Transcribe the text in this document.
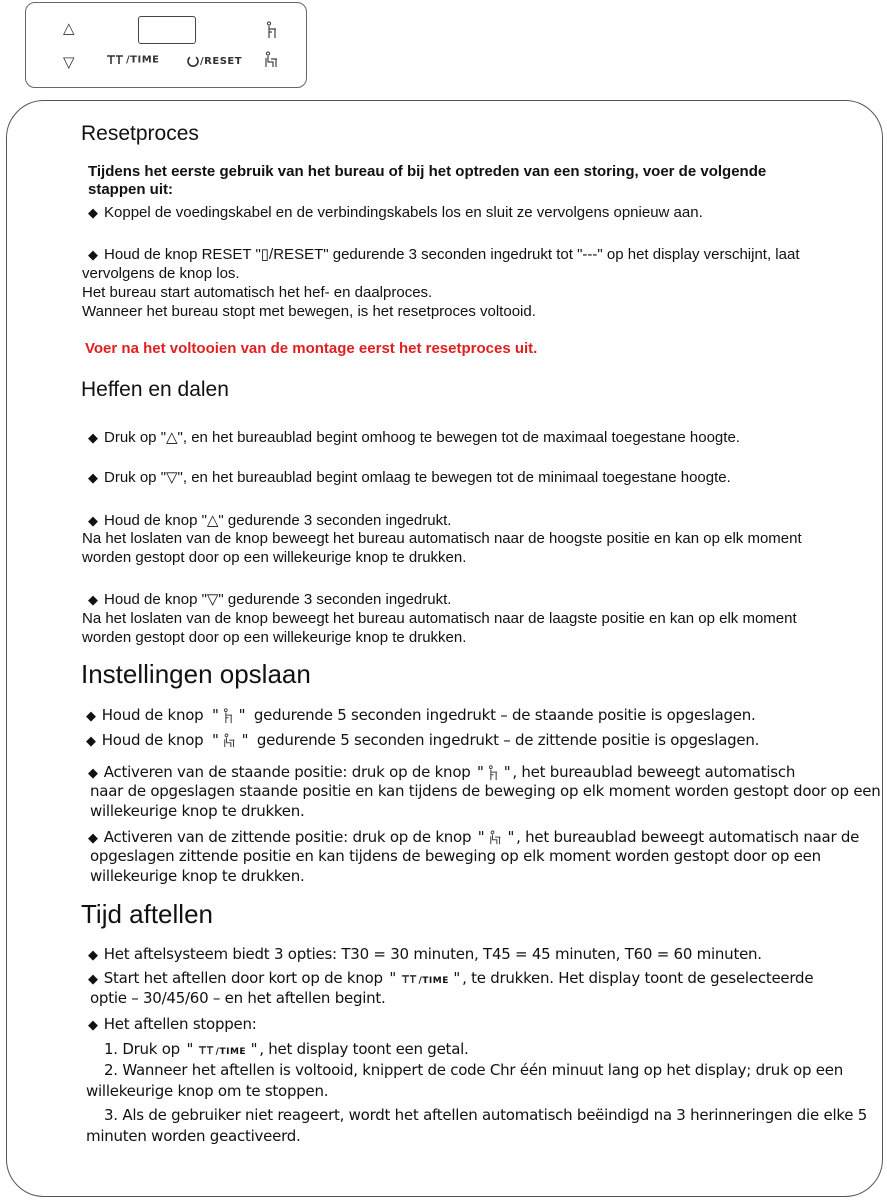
△
▽	/TIME	/RESET
Resetproces
Tijdens het eerste gebruik van het bureau of bij het optreden van een storing, voer de volgende
stappen uit:
◆ Koppel de voedingskabel en de verbindingskabels los en sluit ze vervolgens opnieuw aan.
◆ Houd de knop RESET "▯/RESET" gedurende 3 seconden ingedrukt tot "---" op het display verschijnt, laat
vervolgens de knop los.
Het bureau start automatisch het hef- en daalproces.
Wanneer het bureau stopt met bewegen, is het resetproces voltooid.
Voer na het voltooien van de montage eerst het resetproces uit.
Heffen en dalen
◆ Druk op "△", en het bureaublad begint omhoog te bewegen tot de maximaal toegestane hoogte.
◆ Druk op "▽", en het bureaublad begint omlaag te bewegen tot de minimaal toegestane hoogte.
◆ Houd de knop "△" gedurende 3 seconden ingedrukt.
Na het loslaten van de knop beweegt het bureau automatisch naar de hoogste positie en kan op elk moment
worden gestopt door op een willekeurige knop te drukken.
◆ Houd de knop "▽" gedurende 3 seconden ingedrukt.
Na het loslaten van de knop beweegt het bureau automatisch naar de laagste positie en kan op elk moment
worden gestopt door op een willekeurige knop te drukken.
Instellingen opslaan
◆ Houd de knop "  " gedurende 5 seconden ingedrukt – de staande positie is opgeslagen.
◆ Houd de knop "  " gedurende 5 seconden ingedrukt – de zittende positie is opgeslagen.
◆ Activeren van de staande positie: druk op de knop "  " , het bureaublad beweegt automatisch
naar de opgeslagen staande positie en kan tijdens de beweging op elk moment worden gestopt door op een
willekeurige knop te drukken.
◆ Activeren van de zittende positie: druk op de knop "  " , het bureaublad beweegt automatisch naar de
opgeslagen zittende positie en kan tijdens de beweging op elk moment worden gestopt door op een
willekeurige knop te drukken.
Tijd aftellen
◆ Het aftelsysteem biedt 3 opties: T30 = 30 minuten, T45 = 45 minuten, T60 = 60 minuten.
◆ Start het aftellen door kort op de knop " /TIME " , te drukken. Het display toont de geselecteerde
optie – 30/45/60 – en het aftellen begint.
◆ Het aftellen stoppen:
1. Druk op " /TIME " , het display toont een getal.
2. Wanneer het aftellen is voltooid, knippert de code Chr één minuut lang op het display; druk op een
willekeurige knop om te stoppen.
3. Als de gebruiker niet reageert, wordt het aftellen automatisch beëindigd na 3 herinneringen die elke 5
minuten worden geactiveerd.
